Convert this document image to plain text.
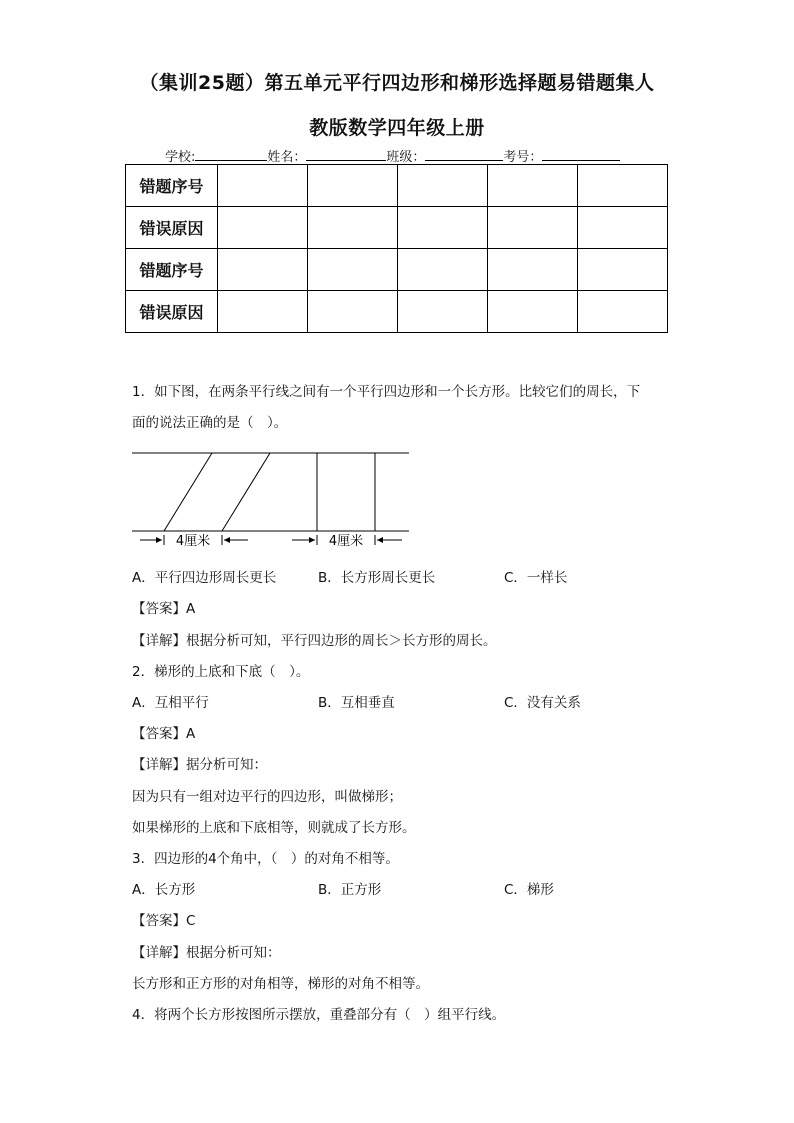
（集训25题）第五单元平行四边形和梯形选择题易错题集人
教版数学四年级上册
学校:	姓名：	班级：	考号：
错题序号					
错误原因					
错题序号					
错误原因					
1．如下图，在两条平行线之间有一个平行四边形和一个长方形。比较它们的周长，下
面的说法正确的是（　）。
4厘米	4厘米
A．平行四边形周长更长	B．长方形周长更长	C．一样长
【答案】A
【详解】根据分析可知，平行四边形的周长＞长方形的周长。
2．梯形的上底和下底（　）。
A．互相平行	B．互相垂直	C．没有关系
【答案】A
【详解】据分析可知：
因为只有一组对边平行的四边形，叫做梯形；
如果梯形的上底和下底相等，则就成了长方形。
3．四边形的4个角中，（　）的对角不相等。
A．长方形	B．正方形	C．梯形
【答案】C
【详解】根据分析可知：
长方形和正方形的对角相等，梯形的对角不相等。
4．将两个长方形按图所示摆放，重叠部分有（　）组平行线。
